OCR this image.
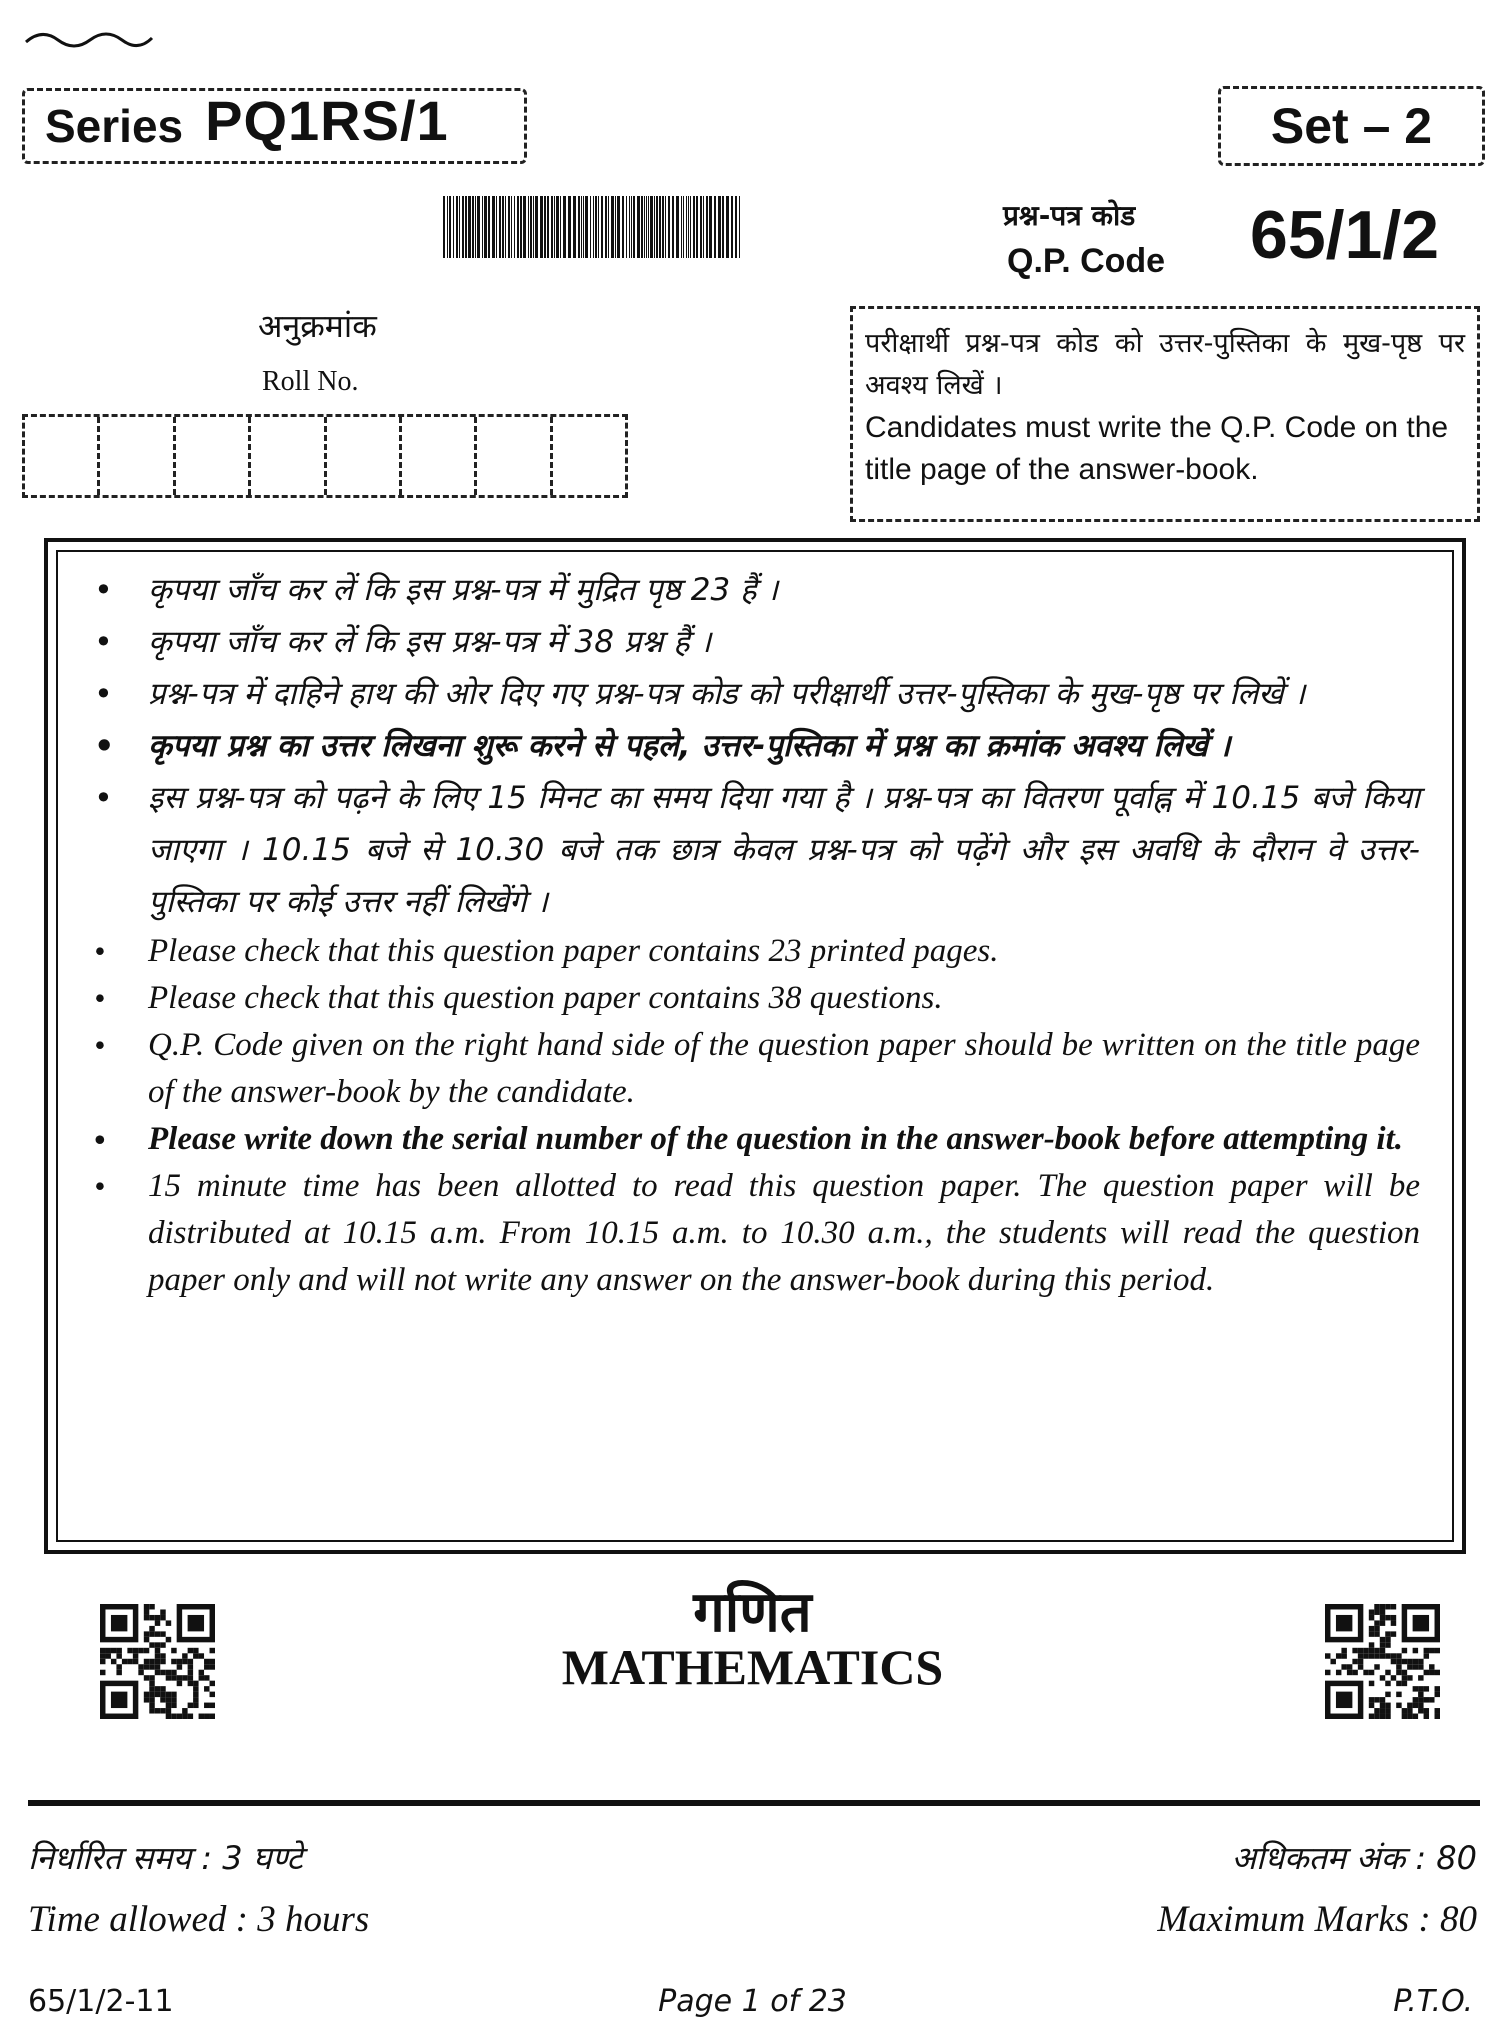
Series PQ1RS/1	Set – 2
प्रश्न-पत्र कोड
Q.P. Code 65/1/2
अनुक्रमांक
Roll No.
परीक्षार्थी प्रश्न-पत्र कोड को उत्तर-पुस्तिका के मुख-पृष्ठ पर अवश्य लिखें ।
Candidates must write the Q.P. Code on the title page of the answer-book.
• कृपया जाँच कर लें कि इस प्रश्न-पत्र में मुद्रित पृष्ठ 23 हैं ।
• कृपया जाँच कर लें कि इस प्रश्न-पत्र में 38 प्रश्न हैं ।
• प्रश्न-पत्र में दाहिने हाथ की ओर दिए गए प्रश्न-पत्र कोड को परीक्षार्थी उत्तर-पुस्तिका के मुख-पृष्ठ पर लिखें ।
• कृपया प्रश्न का उत्तर लिखना शुरू करने से पहले, उत्तर-पुस्तिका में प्रश्न का क्रमांक अवश्य लिखें ।
• इस प्रश्न-पत्र को पढ़ने के लिए 15 मिनट का समय दिया गया है । प्रश्न-पत्र का वितरण पूर्वाह्न में 10.15 बजे किया जाएगा । 10.15 बजे से 10.30 बजे तक छात्र केवल प्रश्न-पत्र को पढ़ेंगे और इस अवधि के दौरान वे उत्तर-पुस्तिका पर कोई उत्तर नहीं लिखेंगे ।
• Please check that this question paper contains 23 printed pages.
• Please check that this question paper contains 38 questions.
• Q.P. Code given on the right hand side of the question paper should be written on the title page of the answer-book by the candidate.
• Please write down the serial number of the question in the answer-book before attempting it.
• 15 minute time has been allotted to read this question paper. The question paper will be distributed at 10.15 a.m. From 10.15 a.m. to 10.30 a.m., the students will read the question paper only and will not write any answer on the answer-book during this period.
गणित
MATHEMATICS
निर्धारित समय : 3 घण्टे	अधिकतम अंक : 80
Time allowed : 3 hours	Maximum Marks : 80
65/1/2-11	Page 1 of 23	P.T.O.
